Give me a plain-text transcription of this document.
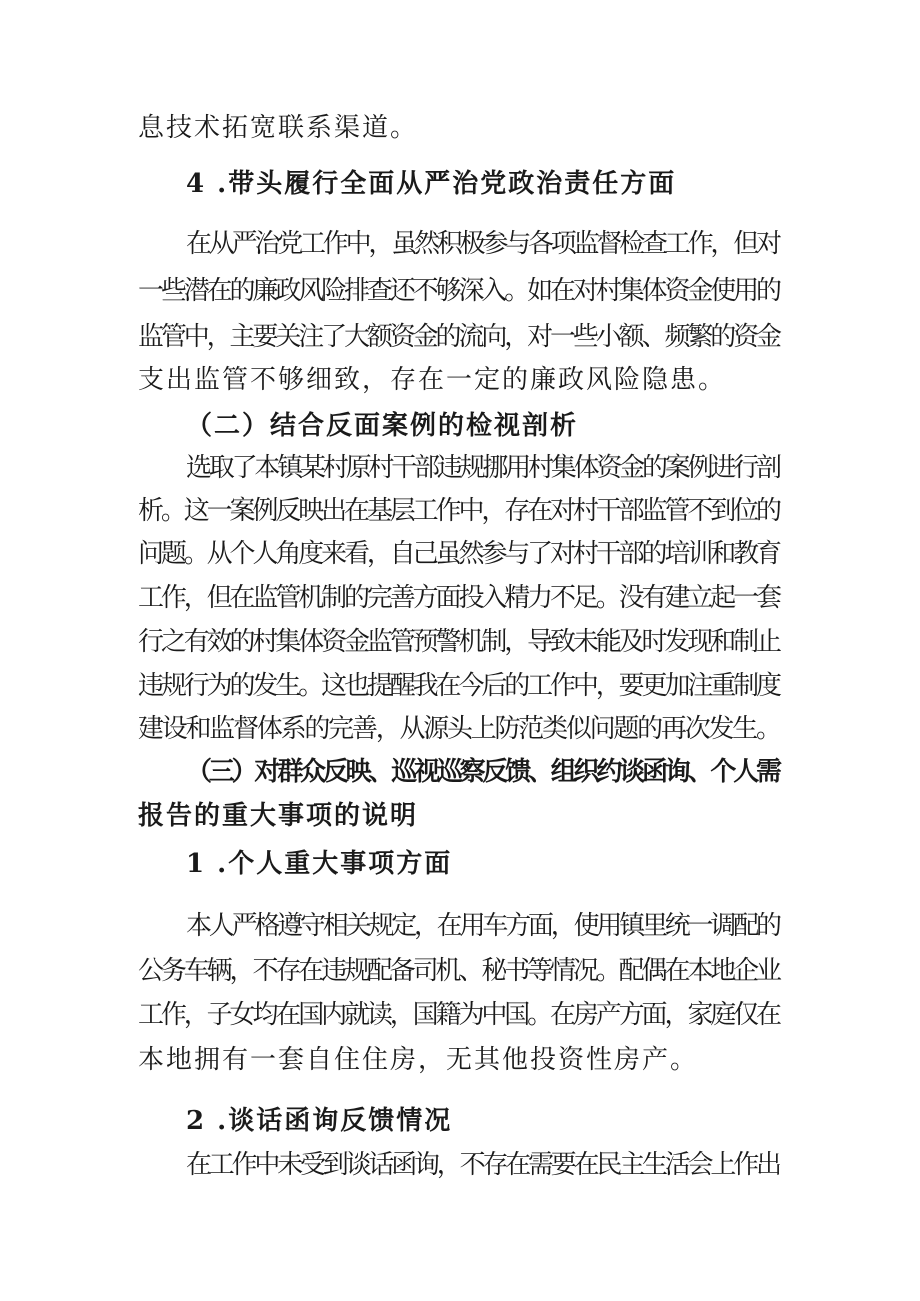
息技术拓宽联系渠道。
4 .带头履行全面从严治党政治责任方面
在从严治党工作中，虽然积极参与各项监督检查工作，但对
一些潜在的廉政风险排查还不够深入。如在对村集体资金使用的
监管中，主要关注了大额资金的流向，对一些小额、频繁的资金
支出监管不够细致，存在一定的廉政风险隐患。
（二）结合反面案例的检视剖析
选取了本镇某村原村干部违规挪用村集体资金的案例进行剖
析。这一案例反映出在基层工作中，存在对村干部监管不到位的
问题。从个人角度来看，自己虽然参与了对村干部的培训和教育
工作，但在监管机制的完善方面投入精力不足。没有建立起一套
行之有效的村集体资金监管预警机制，导致未能及时发现和制止
违规行为的发生。这也提醒我在今后的工作中，要更加注重制度
建设和监督体系的完善，从源头上防范类似问题的再次发生。
（三）对群众反映、巡视巡察反馈、组织约谈函询、个人需
报告的重大事项的说明
1 .个人重大事项方面
本人严格遵守相关规定，在用车方面，使用镇里统一调配的
公务车辆，不存在违规配备司机、秘书等情况。配偶在本地企业
工作，子女均在国内就读，国籍为中国。在房产方面，家庭仅在
本地拥有一套自住住房，无其他投资性房产。
2 .谈话函询反馈情况
在工作中未受到谈话函询，不存在需要在民主生活会上作出
